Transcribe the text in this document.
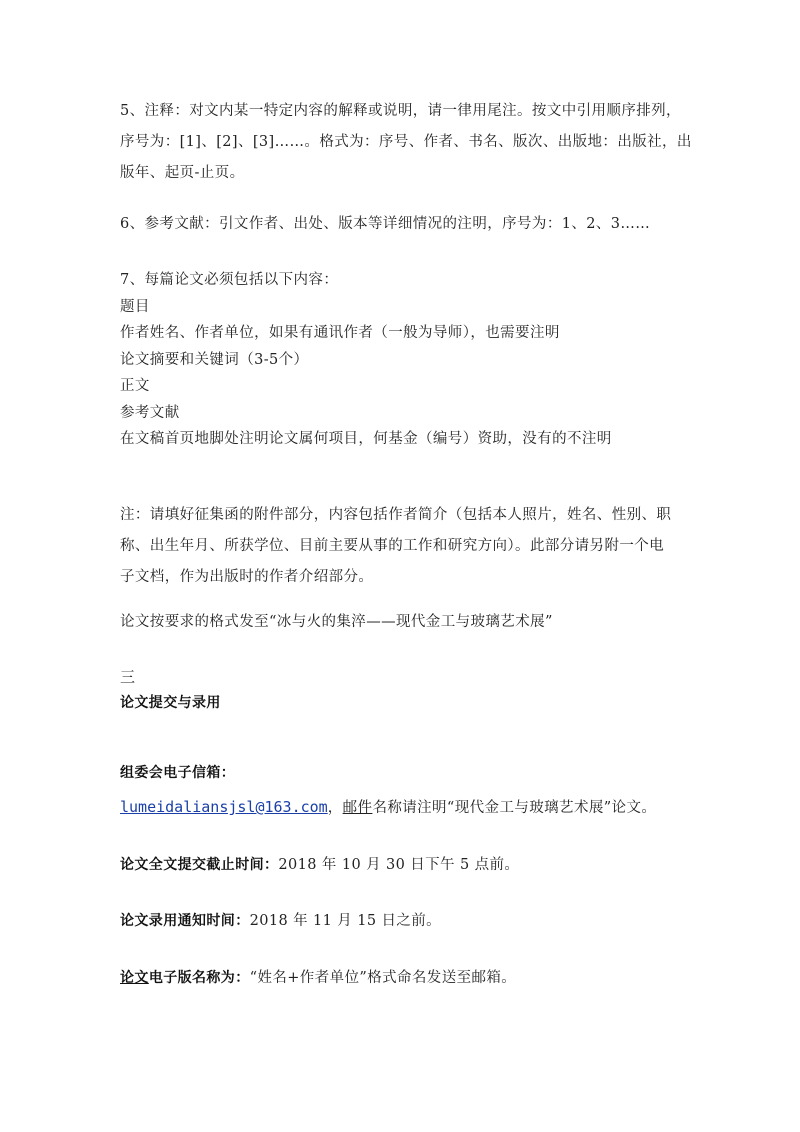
5、注释：对文内某一特定内容的解释或说明，请一律用尾注。按文中引用顺序排列，
序号为：[1]、[2]、[3]……。格式为：序号、作者、书名、版次、出版地：出版社，出
版年、起页-止页。

6、参考文献：引文作者、出处、版本等详细情况的注明，序号为：1、2、3……

7、每篇论文必须包括以下内容：
题目
作者姓名、作者单位，如果有通讯作者（一般为导师），也需要注明
论文摘要和关键词（3-5个）
正文
参考文献
在文稿首页地脚处注明论文属何项目，何基金（编号）资助，没有的不注明

注：请填好征集函的附件部分，内容包括作者简介（包括本人照片，姓名、性别、职
称、出生年月、所获学位、目前主要从事的工作和研究方向）。此部分请另附一个电
子文档，作为出版时的作者介绍部分。

论文按要求的格式发至“冰与火的集淬——现代金工与玻璃艺术展”

三
论文提交与录用

组委会电子信箱：
lumeidaliansjsl@163.com，邮件名称请注明“现代金工与玻璃艺术展”论文。

论文全文提交截止时间：2018 年 10 月 30 日下午 5 点前。

论文录用通知时间：2018 年 11 月 15 日之前。

论文电子版名称为：“姓名+作者单位”格式命名发送至邮箱。
